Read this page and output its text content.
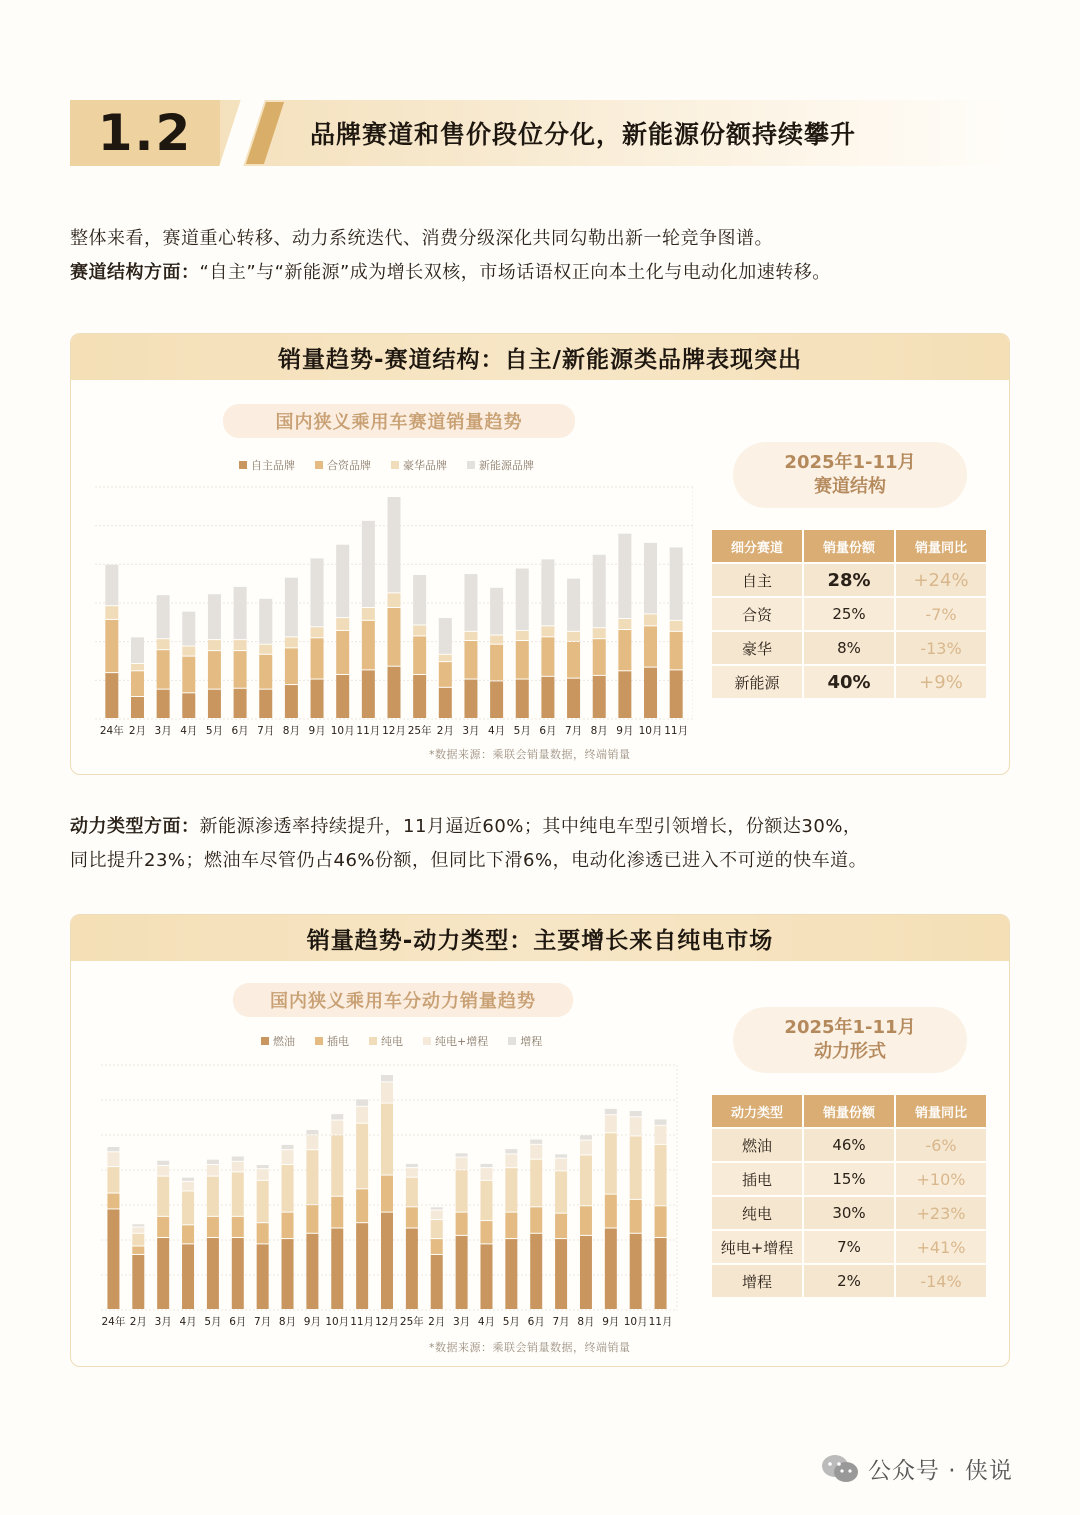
1.2	品牌赛道和售价段位分化，新能源份额持续攀升
整体来看，赛道重心转移、动力系统迭代、消费分级深化共同勾勒出新一轮竞争图谱。
赛道结构方面：“自主”与“新能源”成为增长双核，市场话语权正向本土化与电动化加速转移。
销量趋势-赛道结构：自主/新能源类品牌表现突出
国内狭义乘用车赛道销量趋势
自主品牌	合资品牌	豪华品牌	新能源品牌
24年 2月 3月 4月 5月 6月 7月 8月 9月 10月 11月 12月 25年 2月 3月 4月 5月 6月 7月 8月 9月 10月 11月
*数据来源：乘联会销量数据，终端销量
2025年1-11月
赛道结构
细分赛道	销量份额	销量同比
自主	28%	+24%
合资	25%	-7%
豪华	8%	-13%
新能源	40%	+9%
动力类型方面：新能源渗透率持续提升，11月逼近60%；其中纯电车型引领增长，份额达30%，
同比提升23%；燃油车尽管仍占46%份额，但同比下滑6%，电动化渗透已进入不可逆的快车道。
销量趋势-动力类型：主要增长来自纯电市场
国内狭义乘用车分动力销量趋势
燃油	插电	纯电	纯电+增程	增程
24年 2月 3月 4月 5月 6月 7月 8月 9月 10月 11月 12月 25年 2月 3月 4月 5月 6月 7月 8月 9月 10月 11月
*数据来源：乘联会销量数据，终端销量
2025年1-11月
动力形式
动力类型	销量份额	销量同比
燃油	46%	-6%
插电	15%	+10%
纯电	30%	+23%
纯电+增程	7%	+41%
增程	2%	-14%
公众号 · 侠说
